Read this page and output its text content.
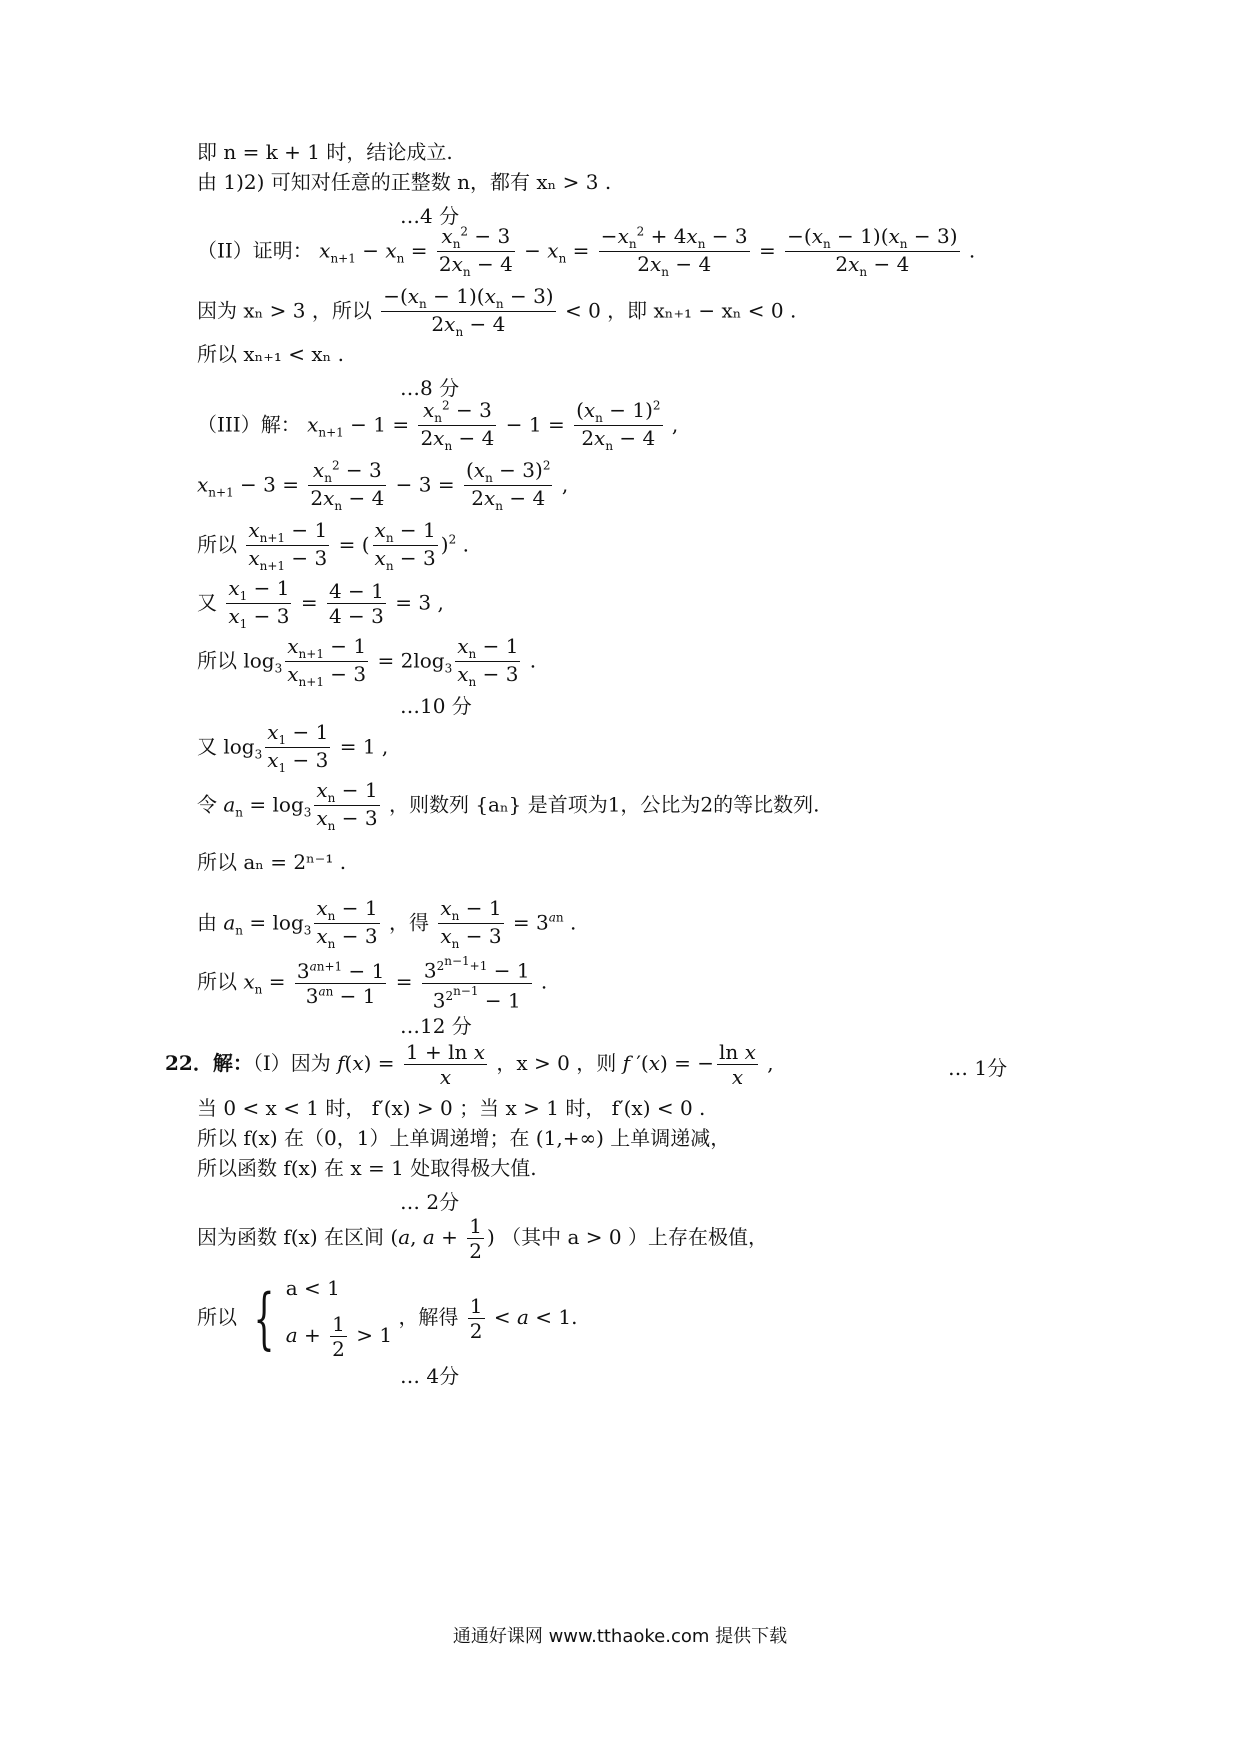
即 n = k + 1 时，结论成立.
由 1)2) 可知对任意的正整数 n，都有 xₙ > 3 .
…4 分
（II）证明： $x_{n+1} - x_n = \frac{x_n^2 - 3}{2x_n - 4} - x_n = \frac{-x_n^2 + 4x_n - 3}{2x_n - 4} = \frac{-(x_n - 1)(x_n - 3)}{2x_n - 4}$ .
因为 xₙ > 3 ，所以 $\frac{-(x_n - 1)(x_n - 3)}{2x_n - 4} < 0$ ，即 xₙ₊₁ − xₙ < 0 .
所以 xₙ₊₁ < xₙ .
…8 分
（III）解： $x_{n+1} - 1 = \frac{x_n^2 - 3}{2x_n - 4} - 1 = \frac{(x_n - 1)^2}{2x_n - 4}$ ,
$x_{n+1} - 3 = \frac{x_n^2 - 3}{2x_n - 4} - 3 = \frac{(x_n - 3)^2}{2x_n - 4}$ ,
所以 $\frac{x_{n+1} - 1}{x_{n+1} - 3}$ = ( $\frac{x_n - 1}{x_n - 3} )^2$ .
又 $\frac{x_1 - 1}{x_1 - 3} = \frac{4 - 1}{4 - 3} = 3$ ,
所以 $\log_3 \frac{x_{n+1} - 1}{x_{n+1} - 3} = 2\log_3 \frac{x_n - 1}{x_n - 3}$ .
…10 分
又 $\log_3 \frac{x_1 - 1}{x_1 - 3} = 1$ ,
令 $a_n = \log_3 \frac{x_n - 1}{x_n - 3}$ ，则数列 {aₙ} 是首项为1，公比为2的等比数列.
所以 aₙ = 2ⁿ⁻¹ .
由 $a_n = \log_3 \frac{x_n - 1}{x_n - 3}$ ，得 $\frac{x_n - 1}{x_n - 3} = 3^{an}$ .
所以 $x_n = \frac{3^{an+1} - 1}{3^{an} - 1} = \frac{3^{2^{n-1}+1} - 1}{3^{2^{n-1}} - 1}$ .
…12 分
22．解：（I）因为 $f(x) = \frac{\text{1 + ln x}}{x}$ ，x > 0 ，则 f ′(x) = − $\frac{\text{ln x}}{x}$ ,	… 1分
当 0 < x < 1 时， f′(x) > 0 ；当 x > 1 时， f′(x) < 0 .
所以 f(x) 在（0，1）上单调递增；在 (1,+∞) 上单调递减，
所以函数 f(x) 在 x = 1 处取得极大值.
… 2分
因为函数 f(x) 在区间 (a, $a + \frac{1}{2}$ ) （其中 a > 0 ）上存在极值，
所以 { a < 1
$a + \frac{1}{2} > 1$
，解得 $\frac{1}{2} < a < 1$.
… 4分
通通好课网 www.tthaoke.com 提供下载
